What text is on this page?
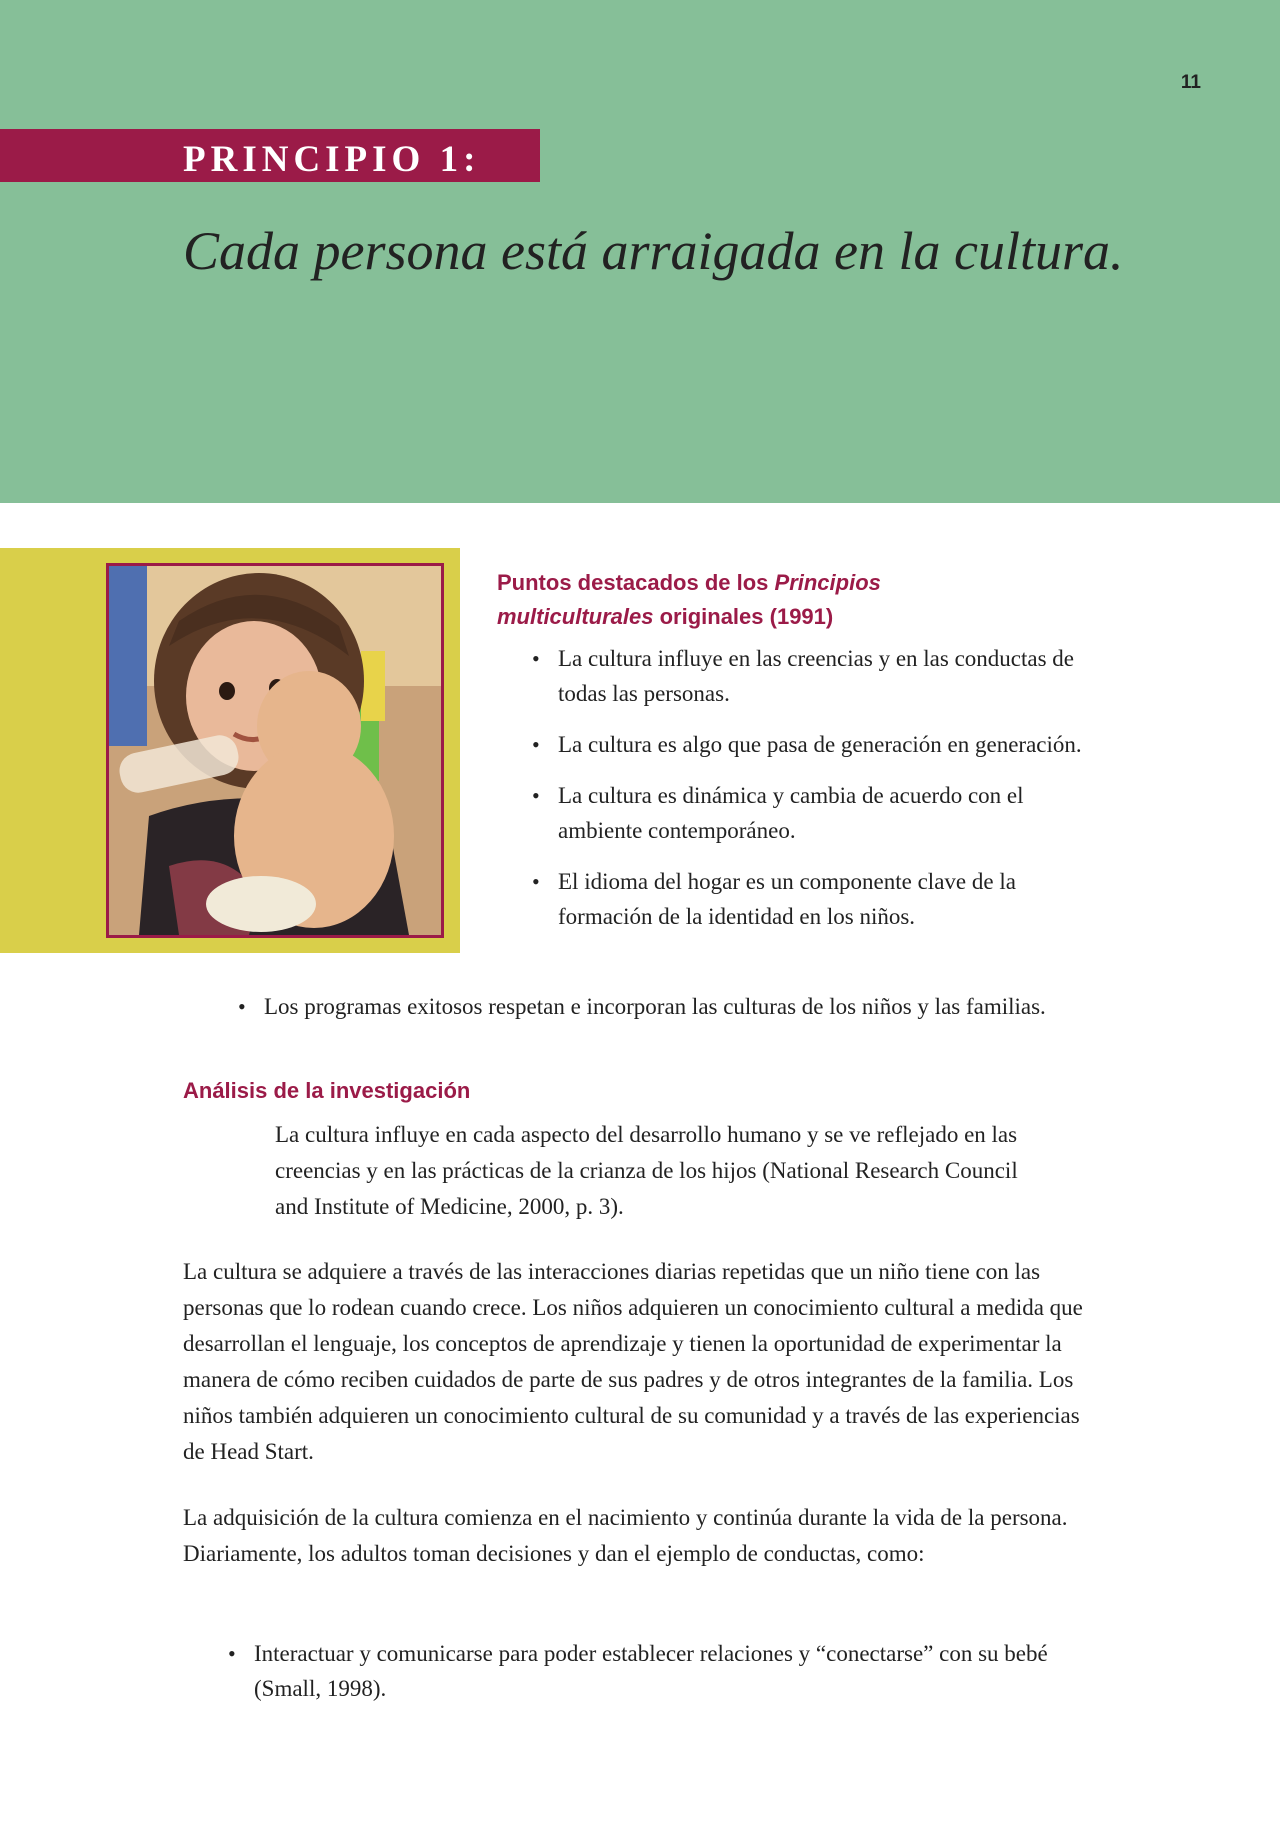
11
PRINCIPIO 1:
Cada persona está arraigada en la cultura.
Puntos destacados de los Principios multiculturales originales (1991)
• La cultura influye en las creencias y en las conductas de todas las personas.
• La cultura es algo que pasa de generación en generación.
• La cultura es dinámica y cambia de acuerdo con el ambiente contemporáneo.
• El idioma del hogar es un componente clave de la formación de la identidad en los niños.
• Los programas exitosos respetan e incorporan las culturas de los niños y las familias.
Análisis de la investigación

La cultura influye en cada aspecto del desarrollo humano y se ve reflejado en las creencias y en las prácticas de la crianza de los hijos (National Research Council and Institute of Medicine, 2000, p. 3).

La cultura se adquiere a través de las interacciones diarias repetidas que un niño tiene con las personas que lo rodean cuando crece. Los niños adquieren un conocimiento cultural a medida que desarrollan el lenguaje, los conceptos de aprendizaje y tienen la oportunidad de experimentar la manera de cómo reciben cuidados de parte de sus padres y de otros integrantes de la familia. Los niños también adquieren un conocimiento cultural de su comunidad y a través de las experiencias de Head Start.

La adquisición de la cultura comienza en el nacimiento y continúa durante la vida de la persona. Diariamente, los adultos toman decisiones y dan el ejemplo de conductas, como:

• Interactuar y comunicarse para poder establecer relaciones y “conectarse” con su bebé (Small, 1998).
